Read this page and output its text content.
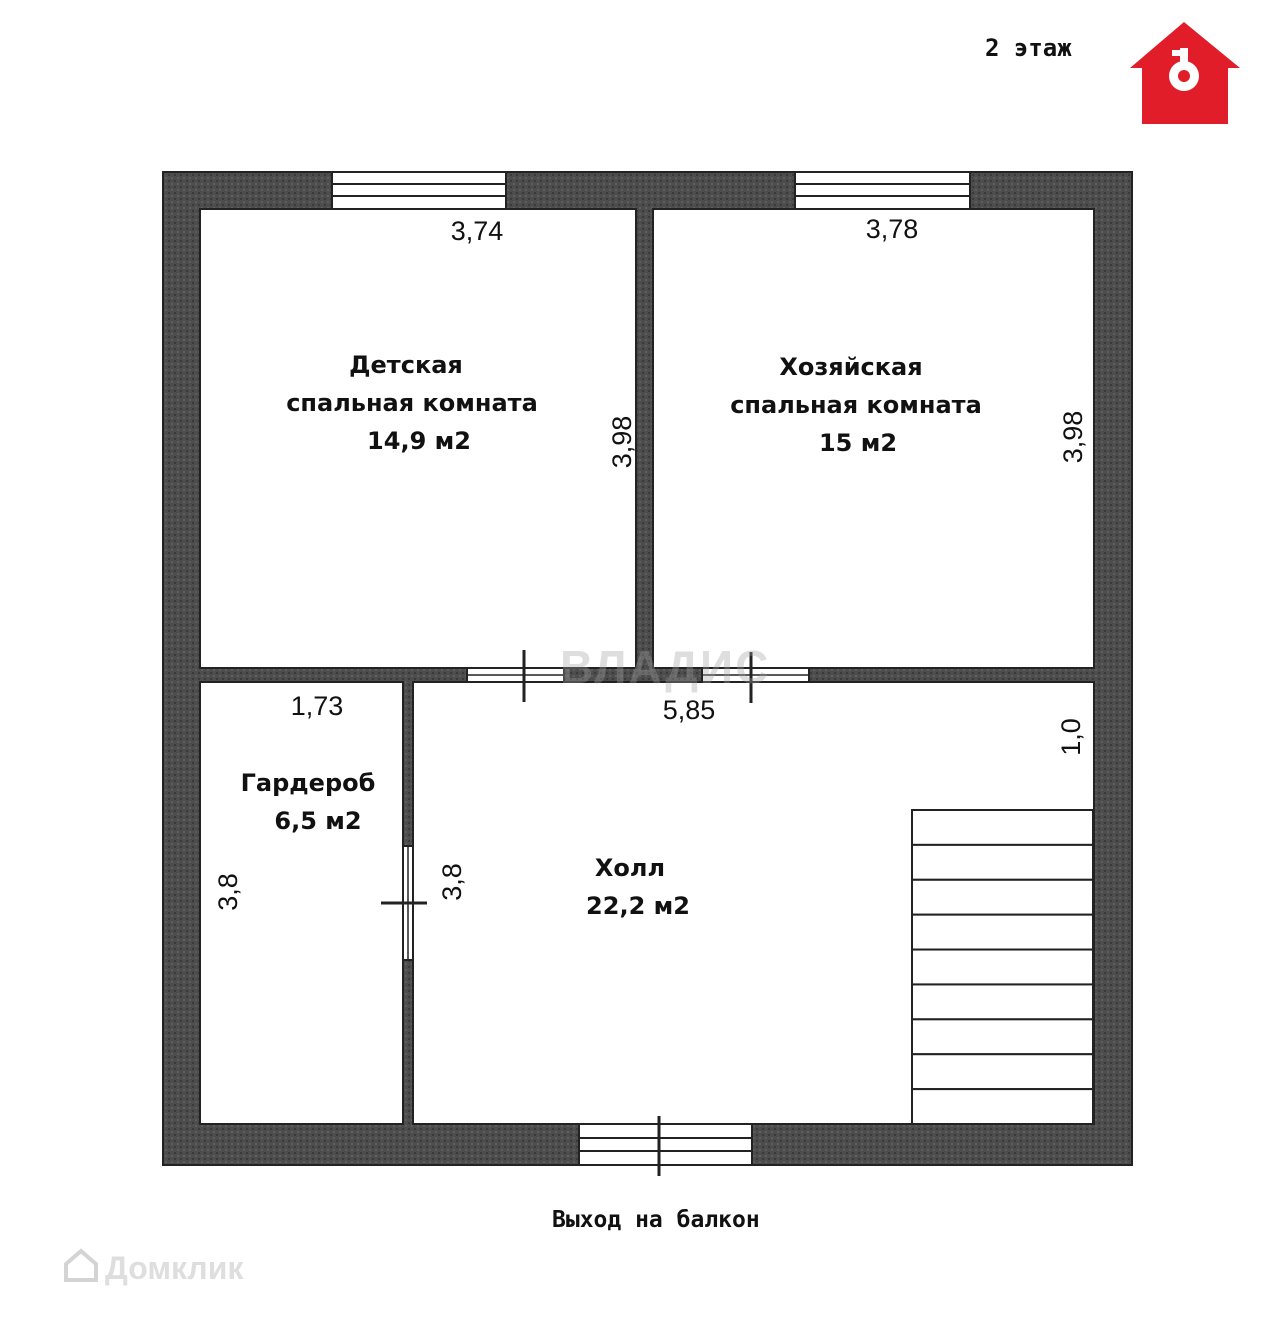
Детская
спальная комната
14,9 м2
Хозяйская
спальная комната
15 м2
Гардероб
6,5 м2
Холл
22,2 м2
3,74	3,78
3,98	3,98
1,73	5,85
3,8	3,8
1,0
2 этаж
Выход на балкон
ВЛАДИС
Домклик
